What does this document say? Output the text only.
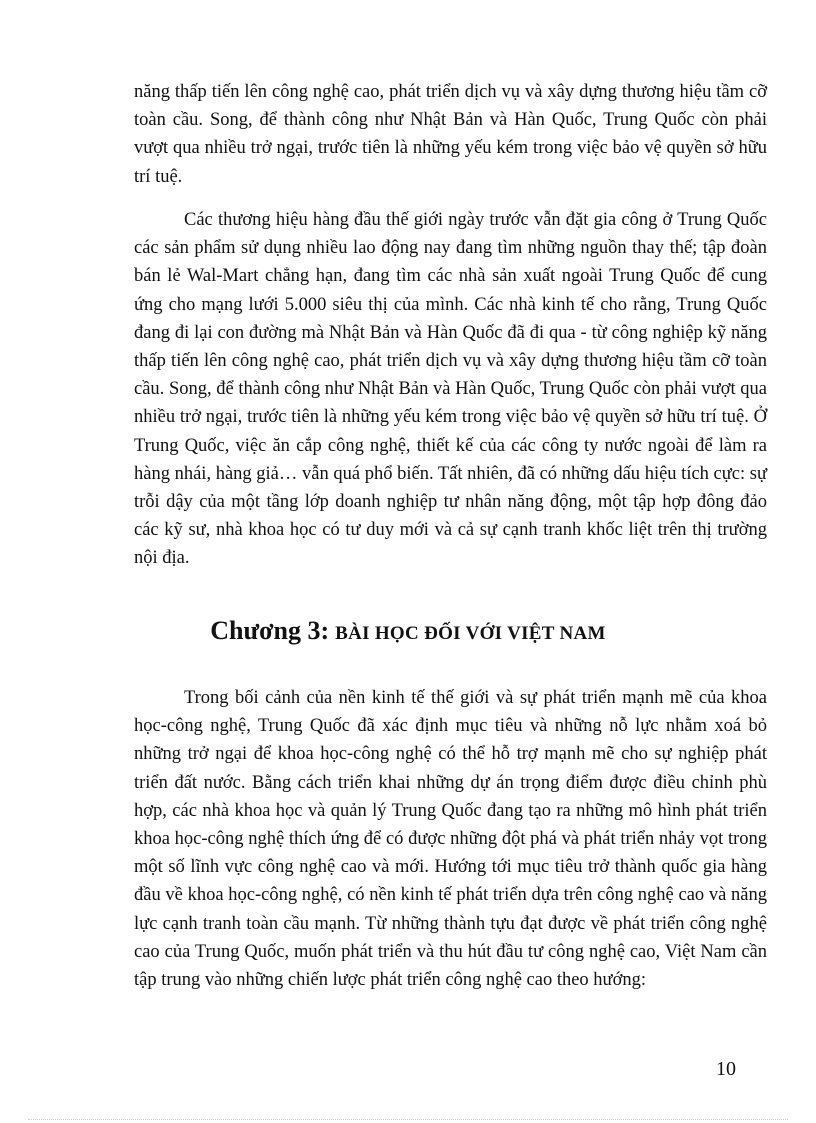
năng thấp tiến lên công nghệ cao, phát triển dịch vụ và xây dựng thương hiệu tầm cỡ toàn cầu. Song, để thành công như Nhật Bản và Hàn Quốc, Trung Quốc còn phải vượt qua nhiều trở ngại, trước tiên là những yếu kém trong việc bảo vệ quyền sở hữu trí tuệ.

Các thương hiệu hàng đầu thế giới ngày trước vẫn đặt gia công ở Trung Quốc các sản phẩm sử dụng nhiều lao động nay đang tìm những nguồn thay thế; tập đoàn bán lẻ Wal-Mart chẳng hạn, đang tìm các nhà sản xuất ngoài Trung Quốc để cung ứng cho mạng lưới 5.000 siêu thị của mình. Các nhà kinh tế cho rằng, Trung Quốc đang đi lại con đường mà Nhật Bản và Hàn Quốc đã đi qua - từ công nghiệp kỹ năng thấp tiến lên công nghệ cao, phát triển dịch vụ và xây dựng thương hiệu tầm cỡ toàn cầu. Song, để thành công như Nhật Bản và Hàn Quốc, Trung Quốc còn phải vượt qua nhiều trở ngại, trước tiên là những yếu kém trong việc bảo vệ quyền sở hữu trí tuệ. Ở Trung Quốc, việc ăn cắp công nghệ, thiết kế của các công ty nước ngoài để làm ra hàng nhái, hàng giả… vẫn quá phổ biến. Tất nhiên, đã có những dấu hiệu tích cực: sự trỗi dậy của một tầng lớp doanh nghiệp tư nhân năng động, một tập hợp đông đảo các kỹ sư, nhà khoa học có tư duy mới và cả sự cạnh tranh khốc liệt trên thị trường nội địa.

Chương 3: BÀI HỌC ĐỐI VỚI VIỆT NAM

Trong bối cảnh của nền kinh tế thế giới và sự phát triển mạnh mẽ của khoa học-công nghệ, Trung Quốc đã xác định mục tiêu và những nỗ lực nhằm xoá bỏ những trở ngại để khoa học-công nghệ có thể hỗ trợ mạnh mẽ cho sự nghiệp phát triển đất nước. Bằng cách triển khai những dự án trọng điểm được điều chỉnh phù hợp, các nhà khoa học và quản lý Trung Quốc đang tạo ra những mô hình phát triển khoa học-công nghệ thích ứng để có được những đột phá và phát triển nhảy vọt trong một số lĩnh vực công nghệ cao và mới. Hướng tới mục tiêu trở thành quốc gia hàng đầu về khoa học-công nghệ, có nền kinh tế phát triển dựa trên công nghệ cao và năng lực cạnh tranh toàn cầu mạnh. Từ những thành tựu đạt được về phát triển công nghệ cao của Trung Quốc, muốn phát triển và thu hút đầu tư công nghệ cao, Việt Nam cần tập trung vào những chiến lược phát triển công nghệ cao theo hướng:

10
